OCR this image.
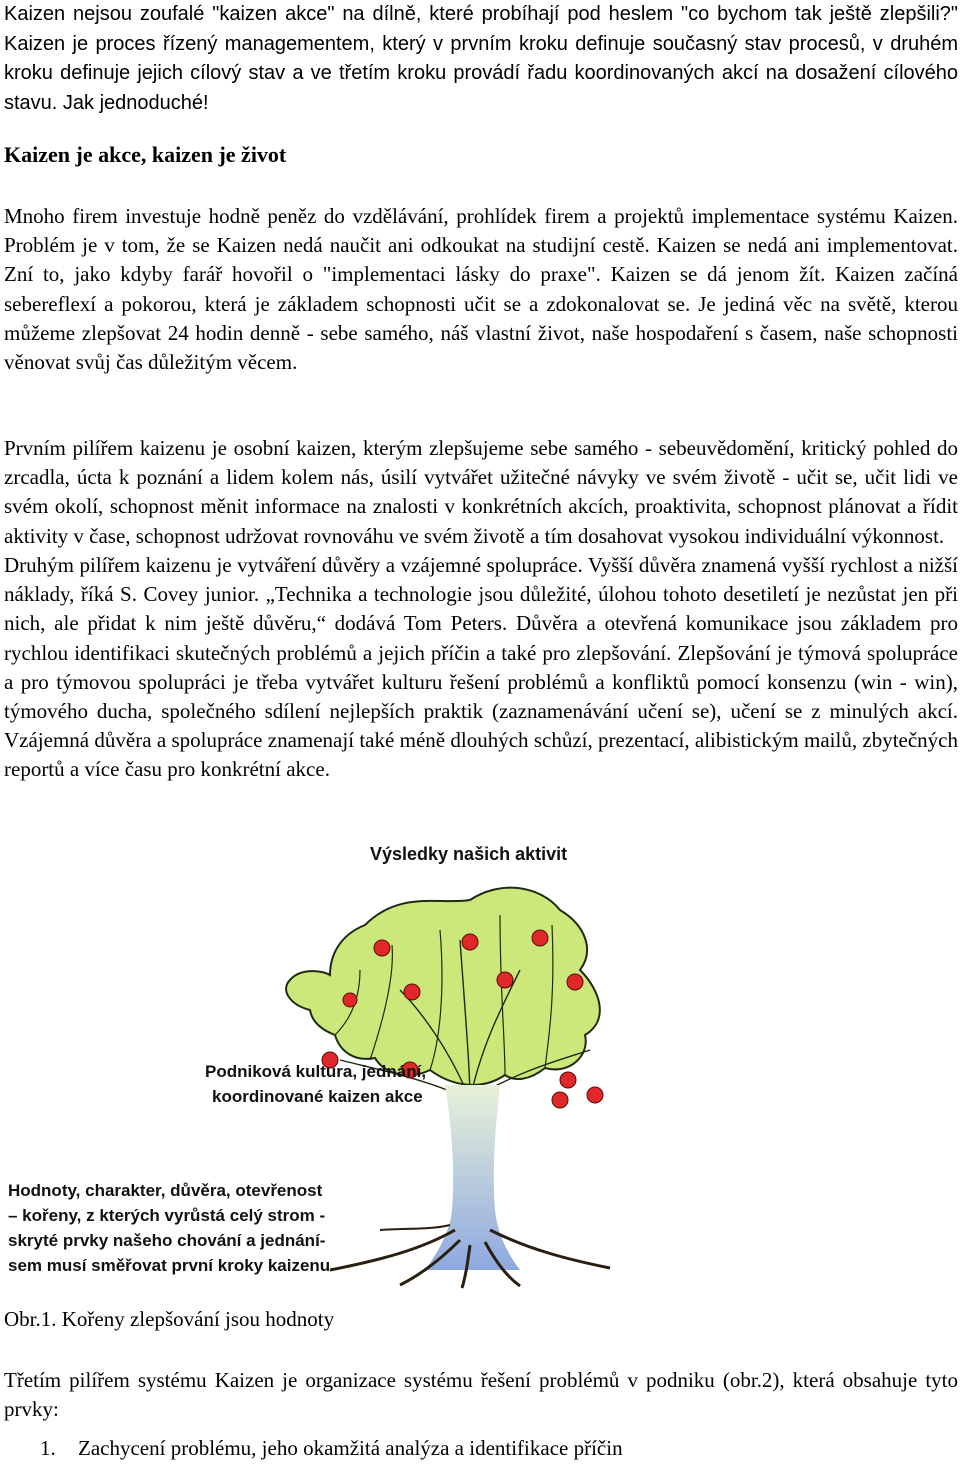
Kaizen nejsou zoufalé "kaizen akce" na dílně, které probíhají pod heslem "co bychom tak ještě zlepšili?" Kaizen je proces řízený managementem, který v prvním kroku definuje současný stav procesů, v druhém kroku definuje jejich cílový stav a ve třetím kroku provádí řadu koordinovaných akcí na dosažení cílového stavu. Jak jednoduché!

Kaizen je akce, kaizen je život

Mnoho firem investuje hodně peněz do vzdělávání, prohlídek firem a projektů implementace systému Kaizen. Problém je v tom, že se Kaizen nedá naučit ani odkoukat na studijní cestě. Kaizen se nedá ani implementovat. Zní to, jako kdyby farář hovořil o "implementaci lásky do praxe". Kaizen se dá jenom žít. Kaizen začíná sebereflexí a pokorou, která je základem schopnosti učit se a zdokonalovat se. Je jediná věc na světě, kterou můžeme zlepšovat 24 hodin denně - sebe samého, náš vlastní život, naše hospodaření s časem, naše schopnosti věnovat svůj čas důležitým věcem.

Prvním pilířem kaizenu je osobní kaizen, kterým zlepšujeme sebe samého - sebeuvědomění, kritický pohled do zrcadla, úcta k poznání a lidem kolem nás, úsilí vytvářet užitečné návyky ve svém životě - učit se, učit lidi ve svém okolí, schopnost měnit informace na znalosti v konkrétních akcích, proaktivita, schopnost plánovat a řídit aktivity v čase, schopnost udržovat rovnováhu ve svém životě a tím dosahovat vysokou individuální výkonnost.

Druhým pilířem kaizenu je vytváření důvěry a vzájemné spolupráce. Vyšší důvěra znamená vyšší rychlost a nižší náklady, říká S. Covey junior. „Technika a technologie jsou důležité, úlohou tohoto desetiletí je nezůstat jen při nich, ale přidat k nim ještě důvěru,“ dodává Tom Peters. Důvěra a otevřená komunikace jsou základem pro rychlou identifikaci skutečných problémů a jejich příčin a také pro zlepšování. Zlepšování je týmová spolupráce a pro týmovou spolupráci je třeba vytvářet kulturu řešení problémů a konfliktů pomocí konsenzu (win - win), týmového ducha, společného sdílení nejlepších praktik (zaznamenávání učení se), učení se z minulých akcí. Vzájemná důvěra a spolupráce znamenají také méně dlouhých schůzí, prezentací, alibistickým mailů, zbytečných reportů a více času pro konkrétní akce.

Výsledky našich aktivit
Podniková kultura, jednání,
koordinované kaizen akce
Hodnoty, charakter, důvěra, otevřenost
– kořeny, z kterých vyrůstá celý strom -
skryté prvky našeho chování a jednání-
sem musí směřovat první kroky kaizenu

Obr.1. Kořeny zlepšování jsou hodnoty

Třetím pilířem systému Kaizen je organizace systému řešení problémů v podniku (obr.2), která obsahuje tyto prvky:

1. Zachycení problému, jeho okamžitá analýza a identifikace příčin
